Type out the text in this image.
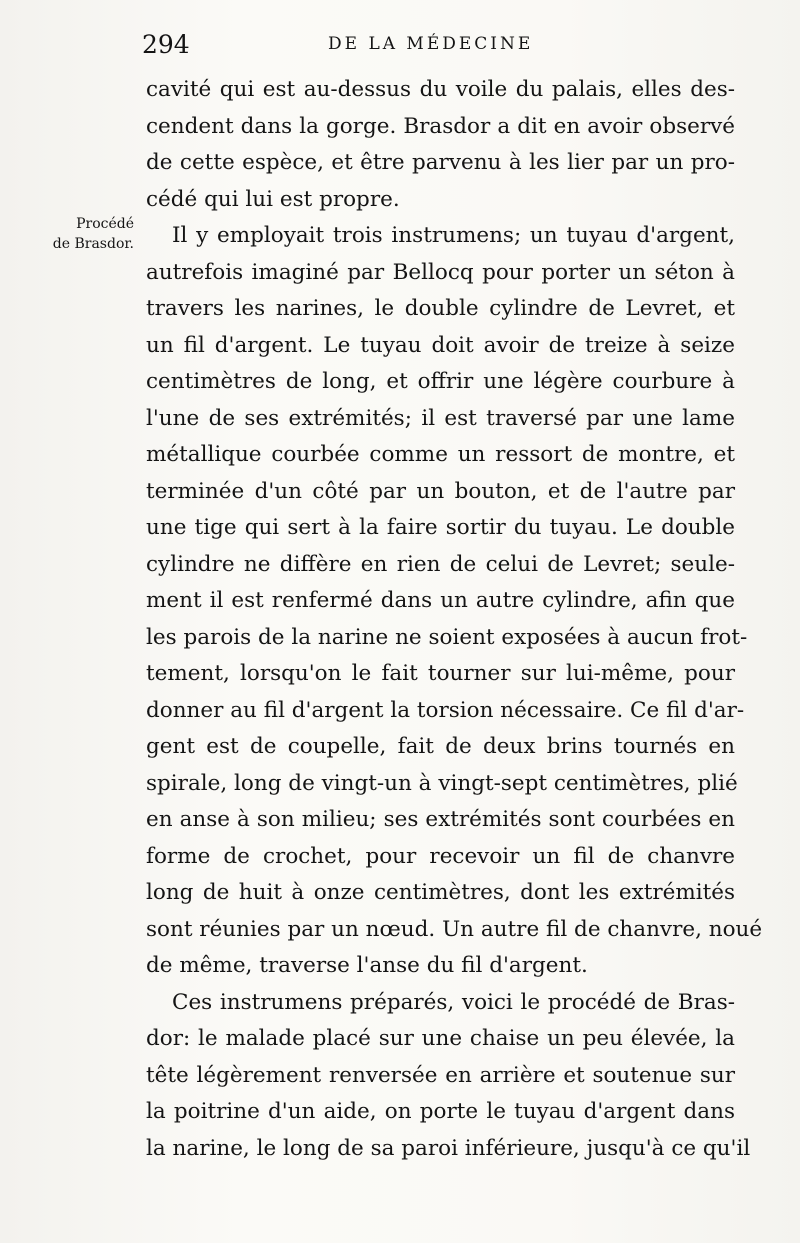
294	DE LA MÉDECINE
Procédé
de Brasdor.
cavité qui est au-dessus du voile du palais, elles des-
cendent dans la gorge. Brasdor a dit en avoir observé
de cette espèce, et être parvenu à les lier par un pro-
cédé qui lui est propre.
Il y employait trois instrumens; un tuyau d'argent,
autrefois imaginé par Bellocq pour porter un séton à
travers les narines, le double cylindre de Levret, et
un fil d'argent. Le tuyau doit avoir de treize à seize
centimètres de long, et offrir une légère courbure à
l'une de ses extrémités; il est traversé par une lame
métallique courbée comme un ressort de montre, et
terminée d'un côté par un bouton, et de l'autre par
une tige qui sert à la faire sortir du tuyau. Le double
cylindre ne diffère en rien de celui de Levret; seule-
ment il est renfermé dans un autre cylindre, afin que
les parois de la narine ne soient exposées à aucun frot-
tement, lorsqu'on le fait tourner sur lui-même, pour
donner au fil d'argent la torsion nécessaire. Ce fil d'ar-
gent est de coupelle, fait de deux brins tournés en
spirale, long de vingt-un à vingt-sept centimètres, plié
en anse à son milieu; ses extrémités sont courbées en
forme de crochet, pour recevoir un fil de chanvre
long de huit à onze centimètres, dont les extrémités
sont réunies par un nœud. Un autre fil de chanvre, noué
de même, traverse l'anse du fil d'argent.
Ces instrumens préparés, voici le procédé de Bras-
dor: le malade placé sur une chaise un peu élevée, la
tête légèrement renversée en arrière et soutenue sur
la poitrine d'un aide, on porte le tuyau d'argent dans
la narine, le long de sa paroi inférieure, jusqu'à ce qu'il
